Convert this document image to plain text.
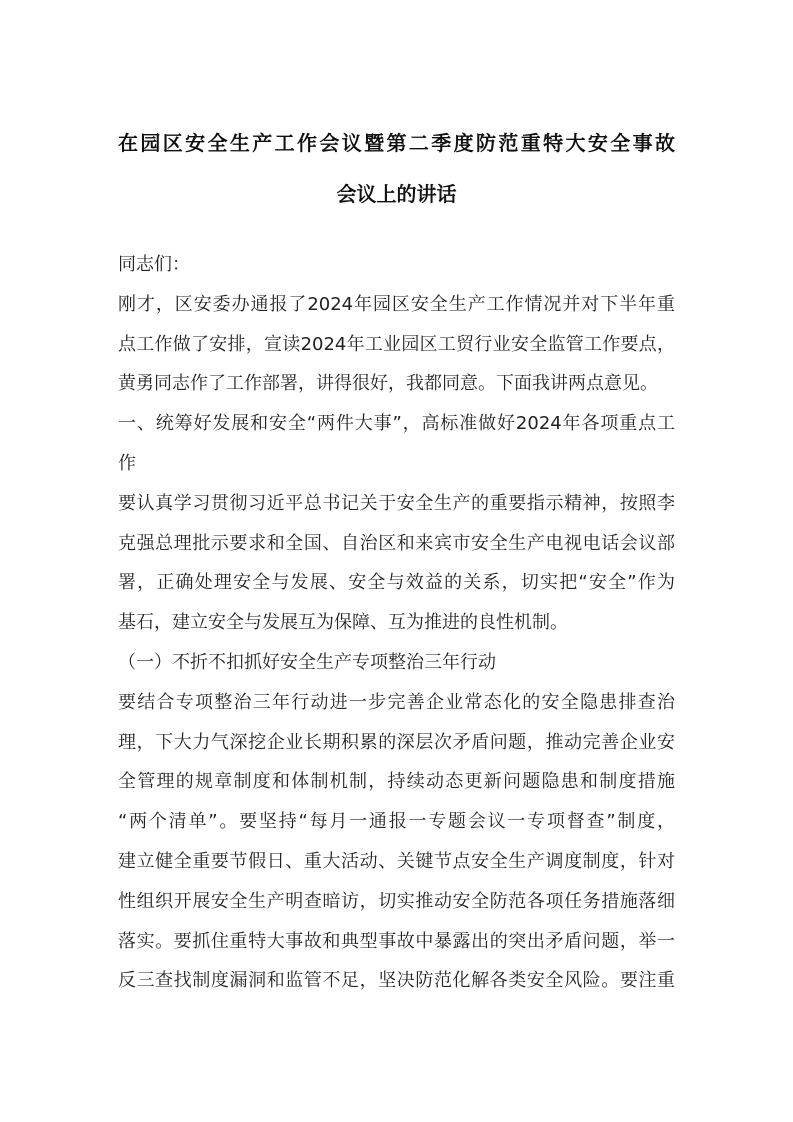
在园区安全生产工作会议暨第二季度防范重特大安全事故
会议上的讲话
同志们：
刚才，区安委办通报了2024年园区安全生产工作情况并对下半年重
点工作做了安排，宣读2024年工业园区工贸行业安全监管工作要点，
黄勇同志作了工作部署，讲得很好，我都同意。下面我讲两点意见。
一、统筹好发展和安全“两件大事”，高标准做好2024年各项重点工
作
要认真学习贯彻习近平总书记关于安全生产的重要指示精神，按照李
克强总理批示要求和全国、自治区和来宾市安全生产电视电话会议部
署，正确处理安全与发展、安全与效益的关系，切实把“安全”作为
基石，建立安全与发展互为保障、互为推进的良性机制。
（一）不折不扣抓好安全生产专项整治三年行动
要结合专项整治三年行动进一步完善企业常态化的安全隐患排查治
理，下大力气深挖企业长期积累的深层次矛盾问题，推动完善企业安
全管理的规章制度和体制机制，持续动态更新问题隐患和制度措施
“两个清单”。要坚持“每月一通报一专题会议一专项督查”制度，
建立健全重要节假日、重大活动、关键节点安全生产调度制度，针对
性组织开展安全生产明查暗访，切实推动安全防范各项任务措施落细
落实。要抓住重特大事故和典型事故中暴露出的突出矛盾问题，举一
反三查找制度漏洞和监管不足，坚决防范化解各类安全风险。要注重
